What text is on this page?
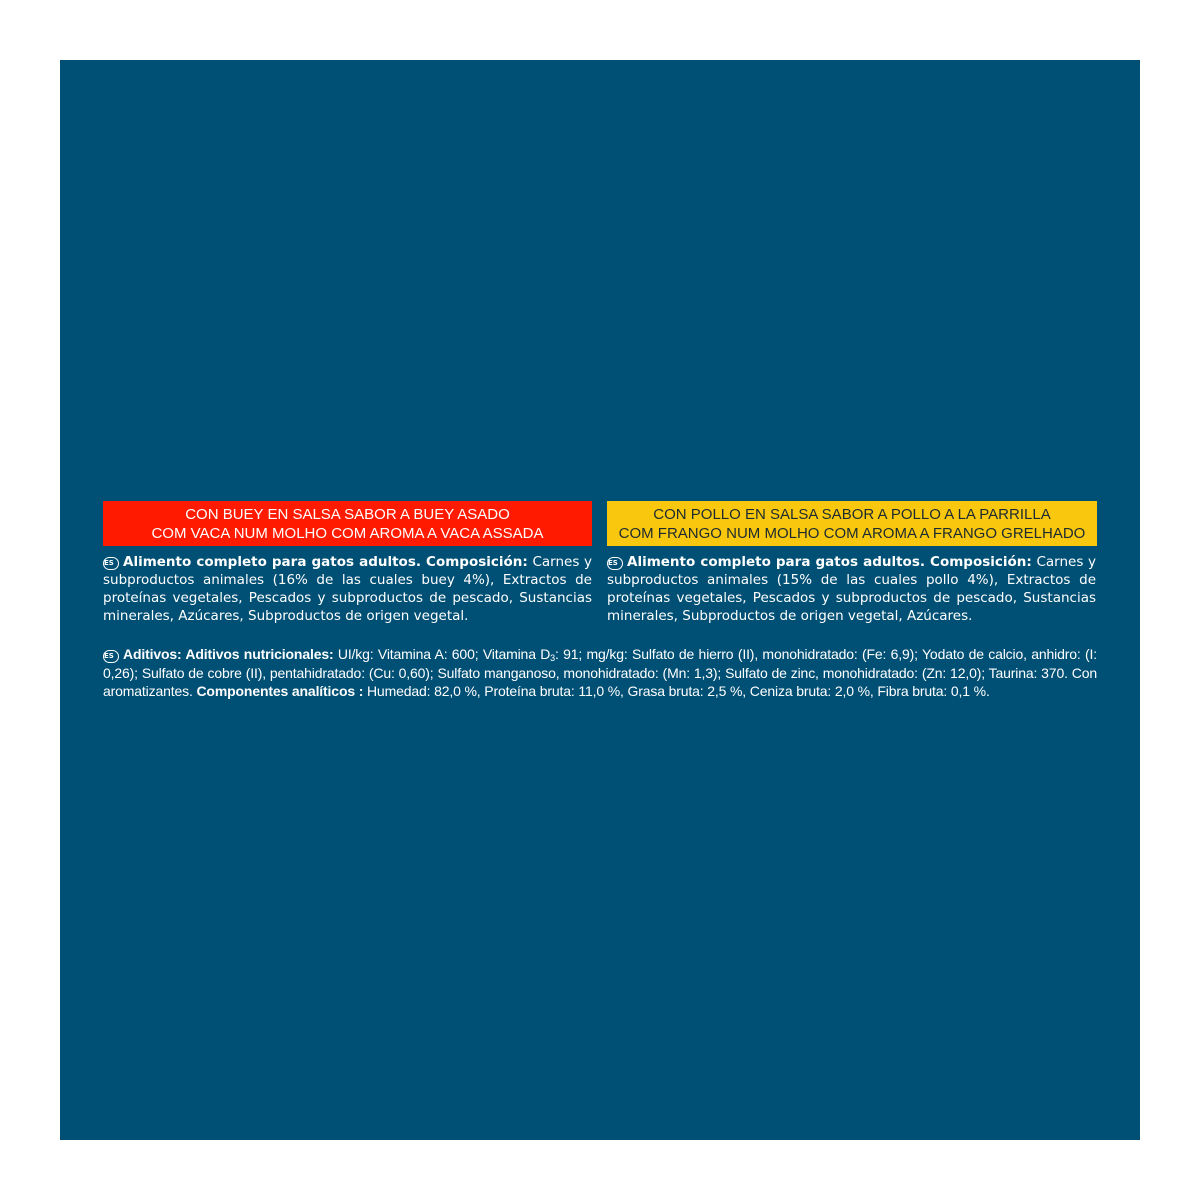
CON BUEY EN SALSA SABOR A BUEY ASADO
COM VACA NUM MOLHO COM AROMA A VACA ASSADA
CON POLLO EN SALSA SABOR A POLLO A LA PARRILLA
COM FRANGO NUM MOLHO COM AROMA A FRANGO GRELHADO
ES Alimento completo para gatos adultos. Composición: Carnes y subproductos animales (16% de las cuales buey 4%), Extractos de proteínas vegetales, Pescados y subproductos de pescado, Sustancias minerales, Azúcares, Subproductos de origen vegetal.
ES Alimento completo para gatos adultos. Composición: Carnes y subproductos animales (15% de las cuales pollo 4%), Extractos de proteínas vegetales, Pescados y subproductos de pescado, Sustancias minerales, Subproductos de origen vegetal, Azúcares.
ES Aditivos: Aditivos nutricionales: UI/kg: Vitamina A: 600; Vitamina $D_3$: 91; mg/kg: Sulfato de hierro (II), monohidratado: (Fe: 6,9); Yodato de calcio, anhidro: (I: 0,26); Sulfato de cobre (II), pentahidratado: (Cu: 0,60); Sulfato manganoso, monohidratado: (Mn: 1,3); Sulfato de zinc, monohidratado: (Zn: 12,0); Taurina: 370. Con aromatizantes. Componentes analíticos : Humedad: 82,0 %, Proteína bruta: 11,0 %, Grasa bruta: 2,5 %, Ceniza bruta: 2,0 %, Fibra bruta: 0,1 %.
